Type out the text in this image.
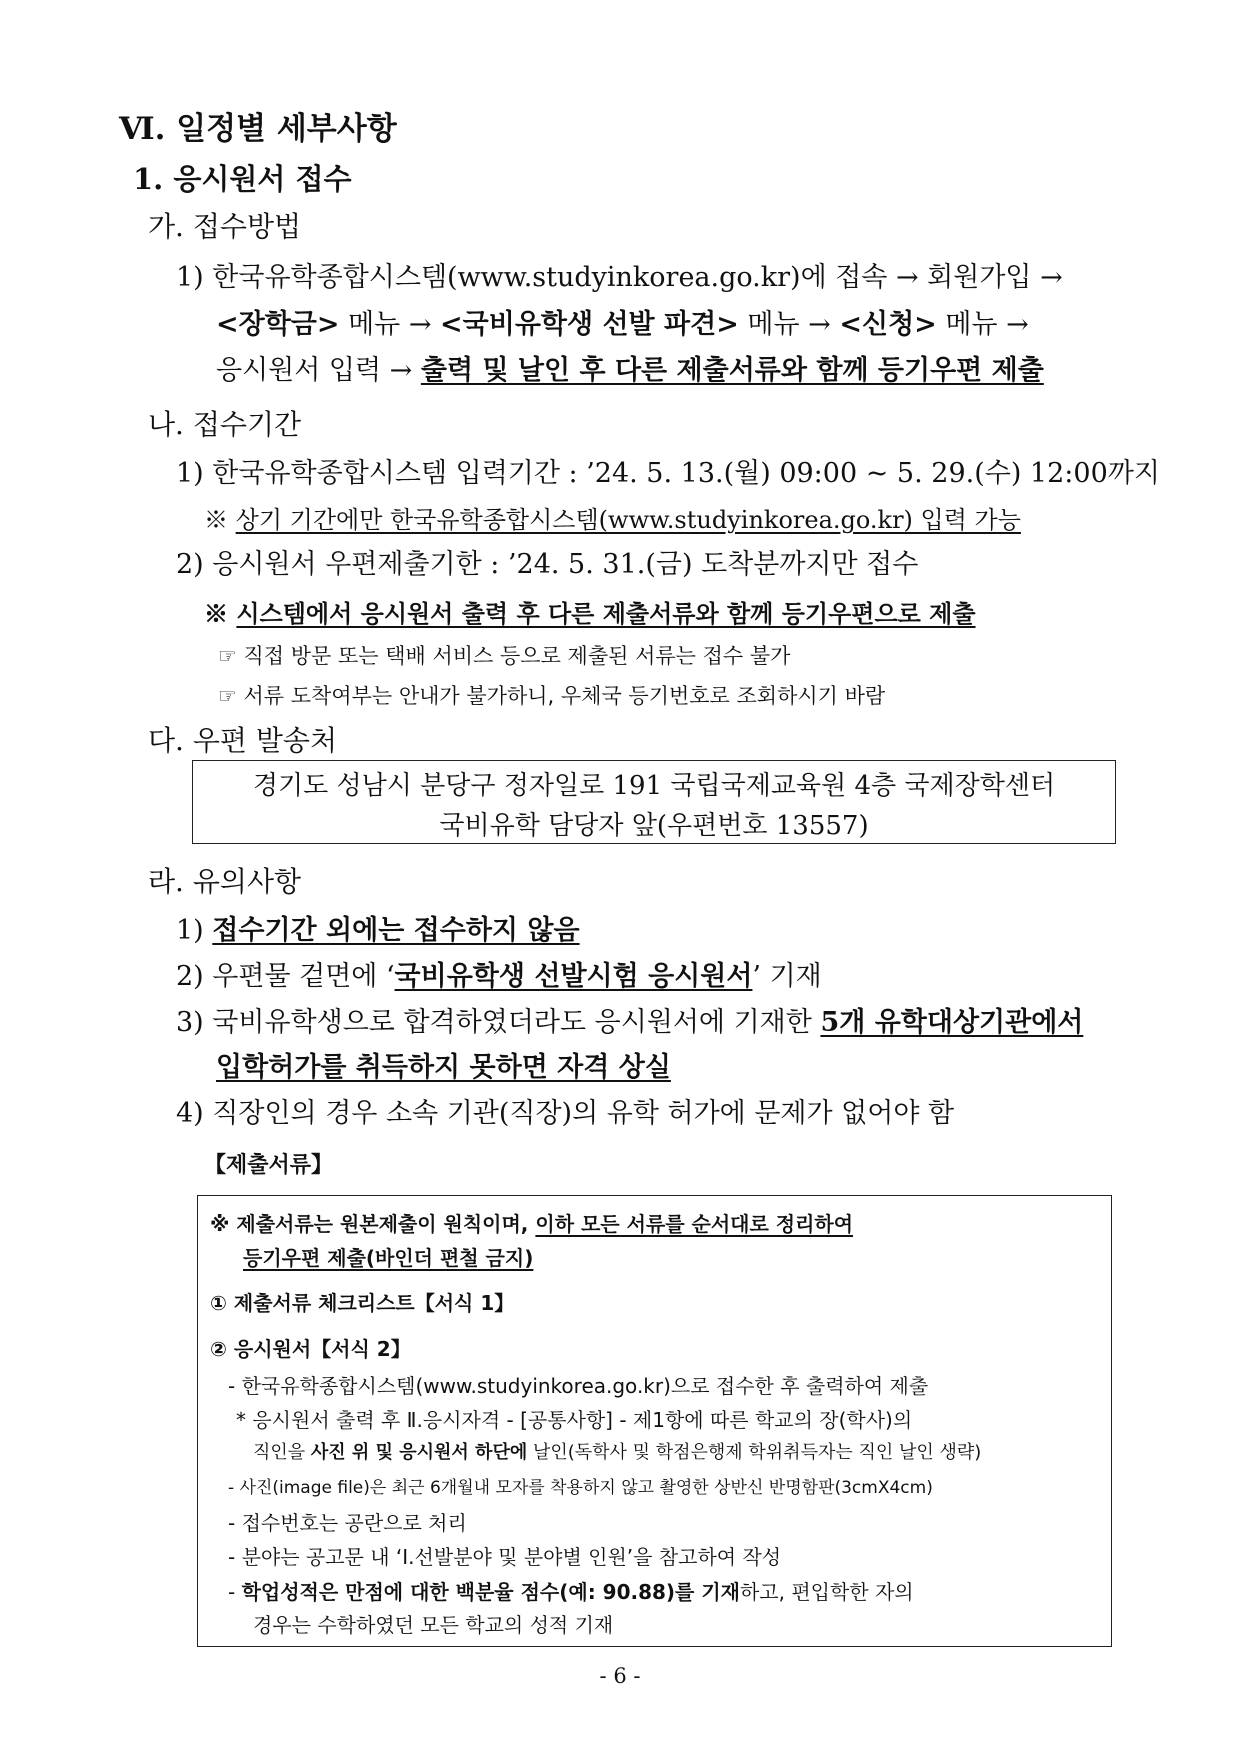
Ⅵ. 일정별 세부사항
1. 응시원서 접수
가. 접수방법
1) 한국유학종합시스템(www.studyinkorea.go.kr)에 접속 → 회원가입 →
<장학금> 메뉴 → <국비유학생 선발 파견> 메뉴 → <신청> 메뉴 →
응시원서 입력 → 출력 및 날인 후 다른 제출서류와 함께 등기우편 제출
나. 접수기간
1) 한국유학종합시스템 입력기간 : ’24. 5. 13.(월) 09:00 ~ 5. 29.(수) 12:00까지
※ 상기 기간에만 한국유학종합시스템(www.studyinkorea.go.kr) 입력 가능
2) 응시원서 우편제출기한 : ’24. 5. 31.(금) 도착분까지만 접수
※ 시스템에서 응시원서 출력 후 다른 제출서류와 함께 등기우편으로 제출
☞ 직접 방문 또는 택배 서비스 등으로 제출된 서류는 접수 불가
☞ 서류 도착여부는 안내가 불가하니, 우체국 등기번호로 조회하시기 바람
다. 우편 발송처
경기도 성남시 분당구 정자일로 191 국립국제교육원 4층 국제장학센터
국비유학 담당자 앞(우편번호 13557)
라. 유의사항
1) 접수기간 외에는 접수하지 않음
2) 우편물 겉면에 ‘국비유학생 선발시험 응시원서’ 기재
3) 국비유학생으로 합격하였더라도 응시원서에 기재한 5개 유학대상기관에서
입학허가를 취득하지 못하면 자격 상실
4) 직장인의 경우 소속 기관(직장)의 유학 허가에 문제가 없어야 함
【제출서류】
※ 제출서류는 원본제출이 원칙이며, 이하 모든 서류를 순서대로 정리하여
등기우편 제출(바인더 편철 금지)
① 제출서류 체크리스트【서식 1】
② 응시원서【서식 2】
- 한국유학종합시스템(www.studyinkorea.go.kr)으로 접수한 후 출력하여 제출
* 응시원서 출력 후 Ⅱ.응시자격 - [공통사항] - 제1항에 따른 학교의 장(학사)의
직인을 사진 위 및 응시원서 하단에 날인(독학사 및 학점은행제 학위취득자는 직인 날인 생략)
- 사진(image file)은 최근 6개월내 모자를 착용하지 않고 촬영한 상반신 반명함판(3cmX4cm)
- 접수번호는 공란으로 처리
- 분야는 공고문 내 ‘Ⅰ.선발분야 및 분야별 인원’을 참고하여 작성
- 학업성적은 만점에 대한 백분율 점수(예: 90.88)를 기재하고, 편입학한 자의
경우는 수학하였던 모든 학교의 성적 기재
- 6 -
